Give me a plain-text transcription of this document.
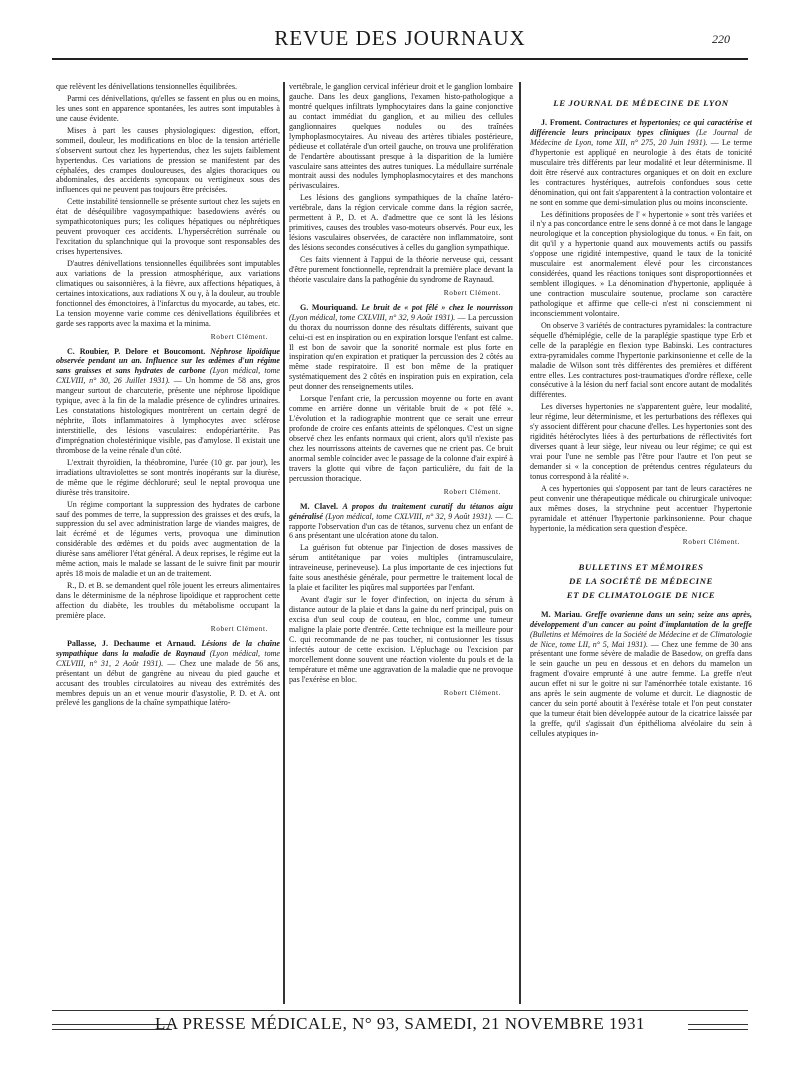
REVUE DES JOURNAUX	220

que relèvent les dénivellations tensionnelles équilibrées.

Parmi ces dénivellations, qu'elles se fassent en plus ou en moins, les unes sont en apparence spontanées, les autres sont imputables à une cause évidente.

Mises à part les causes physiologiques: digestion, effort, sommeil, douleur, les modifications en bloc de la tension artérielle s'observent surtout chez les hypertendus, chez les sujets faiblement hypertendus. Ces variations de pression se manifestent par des céphalées, des crampes douloureuses, des algies thoraciques ou abdominales, des accidents syncopaux ou vertigineux sous des influences qui ne peuvent pas toujours être précisées.

Cette instabilité tensionnelle se présente surtout chez les sujets en état de déséquilibre vagosympathique: basedowiens avérés ou sympathicotoniques purs; les coliques hépatiques ou néphrétiques peuvent provoquer ces accidents. L'hypersécrétion surrénale ou l'excitation du splanchnique qui la provoque sont responsables des crises hypertensives.

D'autres dénivellations tensionnelles équilibrées sont imputables aux variations de la pression atmosphérique, aux variations climatiques ou saisonnières, à la fièvre, aux affections hépatiques, à certaines intoxications, aux radiations X ou γ, à la douleur, au trouble fonctionnel des émonctoires, à l'infarctus du myocarde, au tabes, etc. La tension moyenne varie comme ces dénivellations équilibrées et garde ses rapports avec la maxima et la minima.

Robert Clément.

C. Roubier, P. Delore et Boucomont. Néphrose lipoïdique observée pendant un an. Influence sur les œdèmes d'un régime sans graisses et sans hydrates de carbone (Lyon médical, tome CXLVIII, n° 30, 26 Juillet 1931). — Un homme de 58 ans, gros mangeur surtout de charcuterie, présente une néphrose lipoïdique typique, avec à la fin de la maladie présence de cylindres urinaires. Les constatations histologiques montrèrent un certain degré de néphrite, îlots inflammatoires à lymphocytes avec sclérose interstitielle, des lésions vasculaires: endopériartérite. Pas d'imprégnation cholestérinique visible, pas d'amylose. Il existait une thrombose de la veine rénale d'un côté.

L'extrait thyroïdien, la théobromine, l'urée (10 gr. par jour), les irradiations ultraviolettes se sont montrés inopérants sur la diurèse, de même que le régime déchloruré; seul le neptal provoqua une diurèse très transitoire.

Un régime comportant la suppression des hydrates de carbone sauf des pommes de terre, la suppression des graisses et des œufs, la suppression du sel avec administration large de viandes maigres, de lait écrémé et de légumes verts, provoqua une diminution considérable des œdèmes et du poids avec augmentation de la diurèse sans améliorer l'état général. A deux reprises, le régime eut la même action, mais le malade se lassant de le suivre finit par mourir après 18 mois de maladie et un an de traitement.

R., D. et B. se demandent quel rôle jouent les erreurs alimentaires dans le déterminisme de la néphrose lipoïdique et rapprochent cette affection du diabète, les troubles du métabolisme occupant la première place.

Robert Clément.

Pallasse, J. Dechaume et Arnaud. Lésions de la chaîne sympathique dans la maladie de Raynaud (Lyon médical, tome CXLVIII, n° 31, 2 Août 1931). — Chez une malade de 56 ans, présentant un début de gangrène au niveau du pied gauche et accusant des troubles circulatoires au niveau des extrémités des membres depuis un an et venue mourir d'asystolie, P. D. et A. ont prélevé les ganglions de la chaîne sympathique latéro-

vertébrale, le ganglion cervical inférieur droit et le ganglion lombaire gauche. Dans les deux ganglions, l'examen histo-pathologique a montré quelques infiltrats lymphocytaires dans la gaine conjonctive au contact immédiat du ganglion, et au milieu des cellules ganglionnaires quelques nodules ou des traînées lymphoplasmocytaires. Au niveau des artères tibiales postérieure, pédieuse et collatérale d'un orteil gauche, on trouva une prolifération de l'endartère aboutissant presque à la disparition de la lumière vasculaire sans atteintes des autres tuniques. La médullaire surrénale montrait aussi des nodules lymphoplasmocytaires et des manchons périvasculaires.

Les lésions des ganglions sympathiques de la chaîne latéro-vertébrale, dans la région cervicale comme dans la région sacrée, permettent à P., D. et A. d'admettre que ce sont là les lésions primitives, causes des troubles vaso-moteurs observés. Pour eux, les lésions vasculaires observées, de caractère non inflammatoire, sont des lésions secondes consécutives à celles du ganglion sympathique.

Ces faits viennent à l'appui de la théorie nerveuse qui, cessant d'être purement fonctionnelle, reprendrait la première place devant la théorie vasculaire dans la pathogénie du syndrome de Raynaud.

Robert Clément.

G. Mouriquand. Le bruit de « pot fêlé » chez le nourrisson (Lyon médical, tome CXLVIII, n° 32, 9 Août 1931). — La percussion du thorax du nourrisson donne des résultats différents, suivant que celui-ci est en inspiration ou en expiration lorsque l'enfant est calme. Il est bon de savoir que la sonorité normale est plus forte en inspiration qu'en expiration et pratiquer la percussion des 2 côtés au même stade respiratoire. Il est bon même de la pratiquer systématiquement des 2 côtés en inspiration puis en expiration, cela peut donner des renseignements utiles.

Lorsque l'enfant crie, la percussion moyenne ou forte en avant comme en arrière donne un véritable bruit de « pot fêlé ». L'évolution et la radiographie montrent que ce serait une erreur profonde de croire ces enfants atteints de spélonques. C'est un signe observé chez les enfants normaux qui crient, alors qu'il n'existe pas chez les nourrissons atteints de cavernes que ne crient pas. Ce bruit anormal semble coïncider avec le passage de la colonne d'air expiré à travers la glotte qui vibre de façon particulière, du fait de la percussion thoracique.

Robert Clément.

M. Clavel. A propos du traitement curatif du tétanos aigu généralisé (Lyon médical, tome CXLVIII, n° 32, 9 Août 1931). — C. rapporte l'observation d'un cas de tétanos, survenu chez un enfant de 6 ans présentant une ulcération atone du talon.

La guérison fut obtenue par l'injection de doses massives de sérum antitétanique par voies multiples (intramusculaire, intraveineuse, perineveuse). La plus importante de ces injections fut faite sous anesthésie générale, pour permettre le traitement local de la plaie et faciliter les piqûres mal supportées par l'enfant.

Avant d'agir sur le foyer d'infection, on injecta du sérum à distance autour de la plaie et dans la gaine du nerf principal, puis on excisa d'un seul coup de couteau, en bloc, comme une tumeur maligne la plaie porte d'entrée. Cette technique est la meilleure pour C. qui recommande de ne pas toucher, ni contusionner les tissus infectés autour de cette excision. L'épluchage ou l'excision par morcellement donne souvent une réaction violente du pouls et de la température et même une aggravation de la maladie que ne provoque pas l'exérèse en bloc.

Robert Clément.
LE JOURNAL DE MÉDECINE DE LYON

J. Froment. Contractures et hypertonies; ce qui caractérise et différencie leurs principaux types cliniques (Le Journal de Médecine de Lyon, tome XII, n° 275, 20 Juin 1931). — Le terme d'hypertonie est appliqué en neurologie à des états de tonicité musculaire très différents par leur modalité et leur déterminisme. Il doit être réservé aux contractures organiques et on doit en exclure les contractures hystériques, autrefois confondues sous cette dénomination, qui ont fait s'apparentent à la contraction volontaire et ne sont en somme que demi-simulation plus ou moins inconsciente.

Les définitions proposées de l' « hypertonie » sont très variées et il n'y a pas concordance entre le sens donné à ce mot dans le langage neurologique et la conception physiologique du tonus. « En fait, on dit qu'il y a hypertonie quand aux mouvements actifs ou passifs s'oppose une rigidité intempestive, quand le taux de la tonicité musculaire est anormalement élevé pour les circonstances considérées, quand les réactions toniques sont disproportionnées et semblent illogiques. » La dénomination d'hypertonie, appliquée à une contraction musculaire soutenue, proclame son caractère pathologique et affirme que celle-ci n'est ni consciemment ni inconsciemment volontaire.

On observe 3 variétés de contractures pyramidales: la contracture séquelle d'hémiplégie, celle de la paraplégie spastique type Erb et celle de la paraplégie en flexion type Babinski. Les contractures extra-pyramidales comme l'hypertonie parkinsonienne et celle de la maladie de Wilson sont très différentes des premières et différent entre elles. Les contractures post-traumatiques d'ordre réflexe, celle consécutive à la lésion du nerf facial sont encore autant de modalités différentes.

Les diverses hypertonies ne s'apparentent guère, leur modalité, leur régime, leur déterminisme, et les perturbations des réflexes qui s'y associent diffèrent pour chacune d'elles. Les hypertonies sont des rigidités hétéroclytes liées à des perturbations de réflectivités fort diverses quant à leur siège, leur niveau ou leur régime; ce qui est vrai pour l'une ne semble pas l'être pour l'autre et l'on peut se demander si « la conception de prétendus centres régulateurs du tonus correspond à la réalité ».

A ces hypertonies qui s'opposent par tant de leurs caractères ne peut convenir une thérapeutique médicale ou chirurgicale univoque: aux mêmes doses, la strychnine peut accentuer l'hypertonie pyramidale et atténuer l'hypertonie parkinsonienne. Pour chaque hypertonie, la médication sera question d'espèce.

Robert Clément.
BULLETINS ET MÉMOIRES
DE LA SOCIÉTÉ DE MÉDECINE
ET DE CLIMATOLOGIE DE NICE

M. Mariau. Greffe ovarienne dans un sein; seize ans après, développement d'un cancer au point d'implantation de la greffe (Bulletins et Mémoires de la Société de Médecine et de Climatologie de Nice, tome LII, n° 5, Mai 1931). — Chez une femme de 30 ans présentant une forme sévère de maladie de Basedow, on greffa dans le sein gauche un peu en dessous et en dehors du mamelon un fragment d'ovaire emprunté à une autre femme. La greffe n'eut aucun effet ni sur le goitre ni sur l'aménorrhée totale existante. 16 ans après le sein augmente de volume et durcit. Le diagnostic de cancer du sein porté aboutit à l'exérèse totale et l'on peut constater que la tumeur était bien développée autour de la cicatrice laissée par la greffe, qu'il s'agissait d'un épithélioma alvéolaire du sein à cellules atypiques in-

LA PRESSE MÉDICALE, N° 93, SAMEDI, 21 NOVEMBRE 1931
